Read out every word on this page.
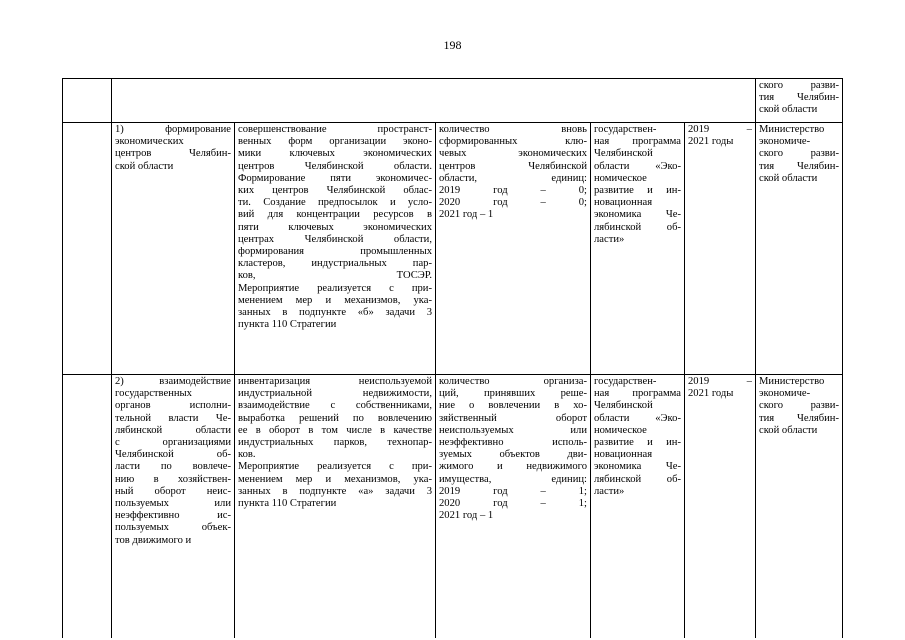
198
ского разви-
тия Челябин-
ской области
1) формирование
экономических
центров Челябин-
ской области
совершенствование пространст-
венных форм организации эконо-
мики ключевых экономических
центров Челябинской области.
Формирование пяти экономичес-
ких центров Челябинской облас-
ти. Создание предпосылок и усло-
вий для концентрации ресурсов в
пяти ключевых экономических
центрах Челябинской области,
формирования промышленных
кластеров, индустриальных пар-
ков, ТОСЭР.
Мероприятие реализуется с при-
менением мер и механизмов, ука-
занных в подпункте «б» задачи 3
пункта 110 Стратегии
количество вновь
сформированных клю-
чевых экономических
центров Челябинской
области, единиц:
2019 год – 0;
2020 год – 0;
2021 год – 1
государствен-
ная программа
Челябинской
области «Эко-
номическое
развитие и ин-
новационная
экономика Че-
лябинской об-
ласти»
2019 –
2021 годы
Министерство
экономиче-
ского разви-
тия Челябин-
ской области
2) взаимодействие
государственных
органов исполни-
тельной власти Че-
лябинской области
с организациями
Челябинской об-
ласти по вовлече-
нию в хозяйствен-
ный оборот неис-
пользуемых или
неэффективно ис-
пользуемых объек-
тов движимого и
инвентаризация неиспользуемой
индустриальной недвижимости,
взаимодействие с собственниками,
выработка решений по вовлечению
ее в оборот в том числе в качестве
индустриальных парков, технопар-
ков.
Мероприятие реализуется с при-
менением мер и механизмов, ука-
занных в подпункте «а» задачи 3
пункта 110 Стратегии
количество организа-
ций, принявших реше-
ние о вовлечении в хо-
зяйственный оборот
неиспользуемых или
неэффективно исполь-
зуемых объектов дви-
жимого и недвижимого
имущества, единиц:
2019 год – 1;
2020 год – 1;
2021 год – 1
государствен-
ная программа
Челябинской
области «Эко-
номическое
развитие и ин-
новационная
экономика Че-
лябинской об-
ласти»
2019 –
2021 годы
Министерство
экономиче-
ского разви-
тия Челябин-
ской области
